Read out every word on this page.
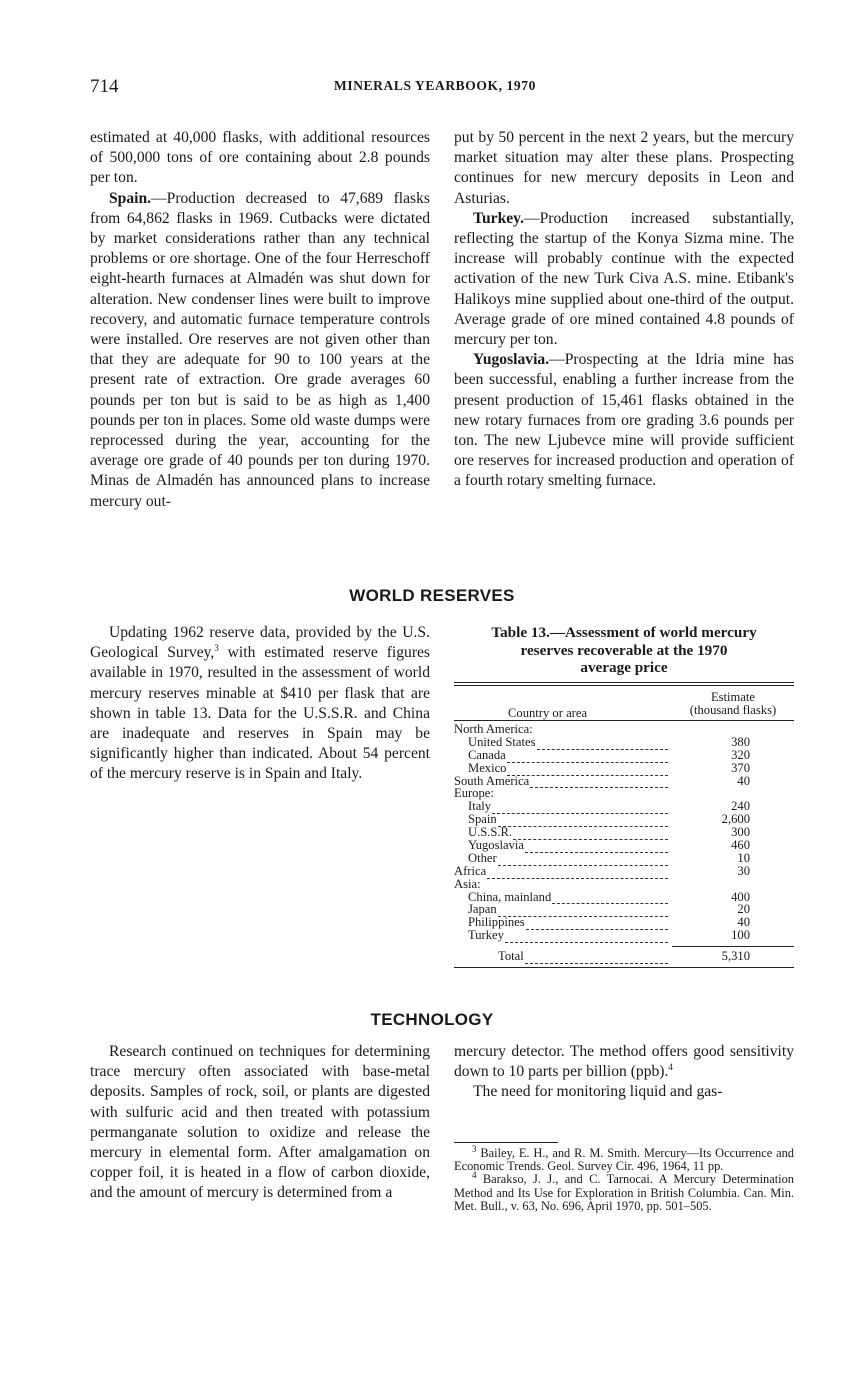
714	MINERALS YEARBOOK, 1970

estimated at 40,000 flasks, with additional resources of 500,000 tons of ore containing about 2.8 pounds per ton.

Spain.—Production decreased to 47,689 flasks from 64,862 flasks in 1969. Cutbacks were dictated by market considerations rather than any technical problems or ore shortage. One of the four Herreschoff eight-hearth furnaces at Almadén was shut down for alteration. New condenser lines were built to improve recovery, and automatic furnace temperature controls were installed. Ore reserves are not given other than that they are adequate for 90 to 100 years at the present rate of extraction. Ore grade averages 60 pounds per ton but is said to be as high as 1,400 pounds per ton in places. Some old waste dumps were reprocessed during the year, accounting for the average ore grade of 40 pounds per ton during 1970. Minas de Almadén has announced plans to increase mercury out-

put by 50 percent in the next 2 years, but the mercury market situation may alter these plans. Prospecting continues for new mercury deposits in Leon and Asturias.

Turkey.—Production increased substantially, reflecting the startup of the Konya Sizma mine. The increase will probably continue with the expected activation of the new Turk Civa A.S. mine. Etibank's Halikoys mine supplied about one-third of the output. Average grade of ore mined contained 4.8 pounds of mercury per ton.

Yugoslavia.—Prospecting at the Idria mine has been successful, enabling a further increase from the present production of 15,461 flasks obtained in the new rotary furnaces from ore grading 3.6 pounds per ton. The new Ljubevce mine will provide sufficient ore reserves for increased production and operation of a fourth rotary smelting furnace.

WORLD RESERVES

Updating 1962 reserve data, provided by the U.S. Geological Survey,$^3$ with estimated reserve figures available in 1970, resulted in the assessment of world mercury reserves minable at $410 per flask that are shown in table 13. Data for the U.S.S.R. and China are inadequate and reserves in Spain may be significantly higher than indicated. About 54 percent of the mercury reserve is in Spain and Italy.

Table 13.—Assessment of world mercury
reserves recoverable at the 1970
average price
Country or area
Estimate
(thousand flasks)
North America:
United States	380
Canada	320
Mexico	370
South America	40
Europe:
Italy	240
Spain	2,600
U.S.S.R.	300
Yugoslavia	460
Other	10
Africa	30
Asia:
China, mainland	400
Japan	20
Philippines	40
Turkey	100
Total	5,310
TECHNOLOGY

Research continued on techniques for determining trace mercury often associated with base-metal deposits. Samples of rock, soil, or plants are digested with sulfuric acid and then treated with potassium permanganate solution to oxidize and release the mercury in elemental form. After amalgamation on copper foil, it is heated in a flow of carbon dioxide, and the amount of mercury is determined from a

mercury detector. The method offers good sensitivity down to 10 parts per billion (ppb).$^4$

The need for monitoring liquid and gas-

$^3$ Bailey, E. H., and R. M. Smith. Mercury—Its Occurrence and Economic Trends. Geol. Survey Cir. 496, 1964, 11 pp.

$^4$ Barakso, J. J., and C. Tarnocai. A Mercury Determination Method and Its Use for Exploration in British Columbia. Can. Min. Met. Bull., v. 63, No. 696, April 1970, pp. 501–505.
